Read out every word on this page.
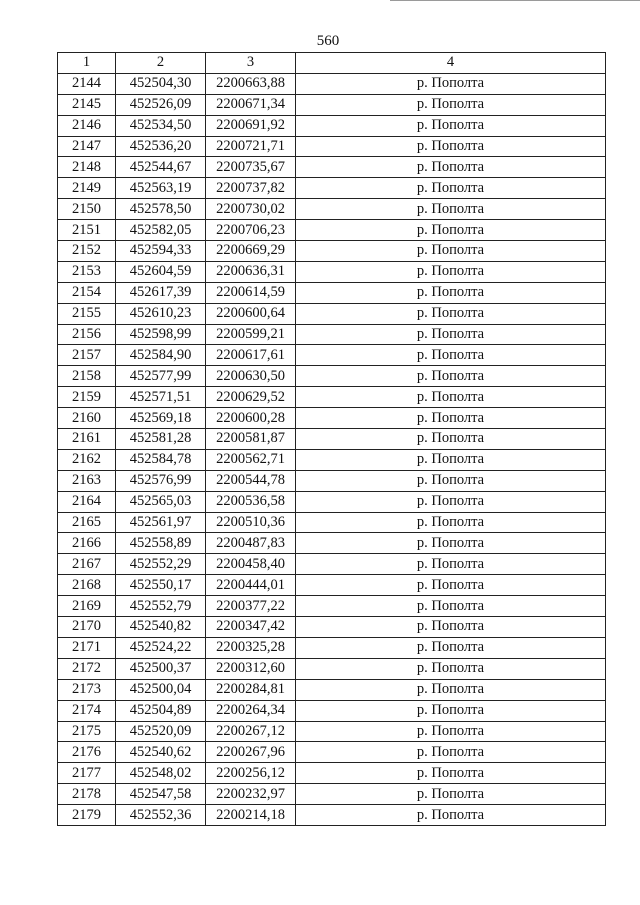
560
1	2	3	4
2144	452504,30	2200663,88	р. Пополта
2145	452526,09	2200671,34	р. Пополта
2146	452534,50	2200691,92	р. Пополта
2147	452536,20	2200721,71	р. Пополта
2148	452544,67	2200735,67	р. Пополта
2149	452563,19	2200737,82	р. Пополта
2150	452578,50	2200730,02	р. Пополта
2151	452582,05	2200706,23	р. Пополта
2152	452594,33	2200669,29	р. Пополта
2153	452604,59	2200636,31	р. Пополта
2154	452617,39	2200614,59	р. Пополта
2155	452610,23	2200600,64	р. Пополта
2156	452598,99	2200599,21	р. Пополта
2157	452584,90	2200617,61	р. Пополта
2158	452577,99	2200630,50	р. Пополта
2159	452571,51	2200629,52	р. Пополта
2160	452569,18	2200600,28	р. Пополта
2161	452581,28	2200581,87	р. Пополта
2162	452584,78	2200562,71	р. Пополта
2163	452576,99	2200544,78	р. Пополта
2164	452565,03	2200536,58	р. Пополта
2165	452561,97	2200510,36	р. Пополта
2166	452558,89	2200487,83	р. Пополта
2167	452552,29	2200458,40	р. Пополта
2168	452550,17	2200444,01	р. Пополта
2169	452552,79	2200377,22	р. Пополта
2170	452540,82	2200347,42	р. Пополта
2171	452524,22	2200325,28	р. Пополта
2172	452500,37	2200312,60	р. Пополта
2173	452500,04	2200284,81	р. Пополта
2174	452504,89	2200264,34	р. Пополта
2175	452520,09	2200267,12	р. Пополта
2176	452540,62	2200267,96	р. Пополта
2177	452548,02	2200256,12	р. Пополта
2178	452547,58	2200232,97	р. Пополта
2179	452552,36	2200214,18	р. Пополта
